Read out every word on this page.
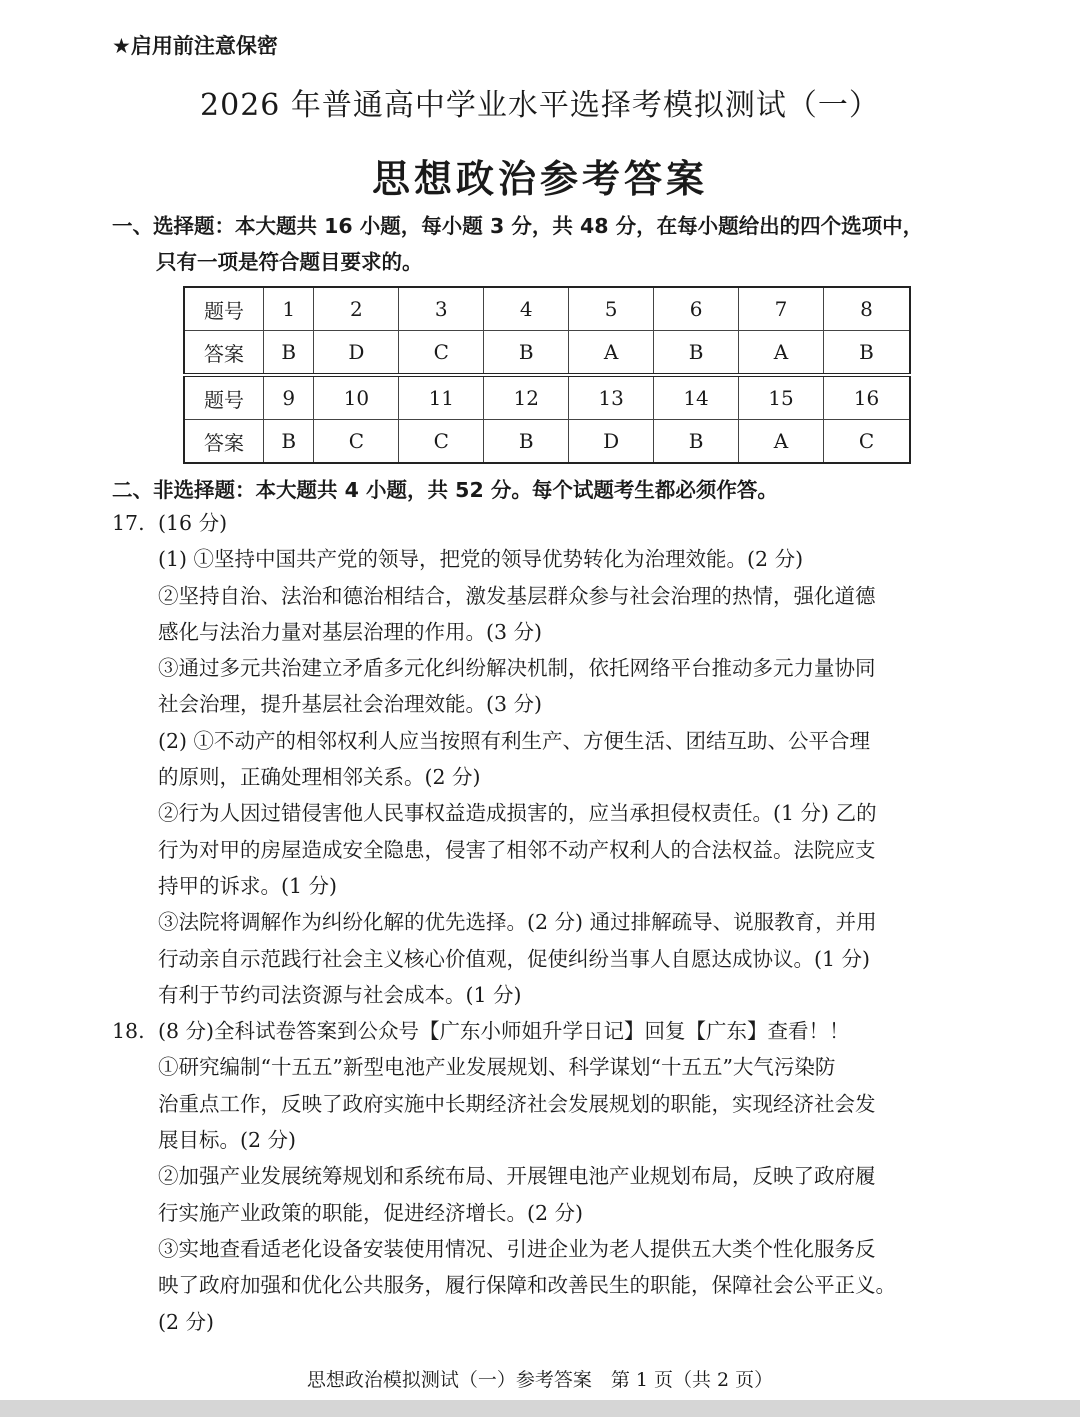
★启用前注意保密
2026 年普通高中学业水平选择考模拟测试（一）
思想政治参考答案
一、选择题：本大题共 16 小题，每小题 3 分，共 48 分，在每小题给出的四个选项中，
只有一项是符合题目要求的。
题号	1	2	3	4	5	6	7	8
答案	B	D	C	B	A	B	A	B
题号	9	10	11	12	13	14	15	16
答案	B	C	C	B	D	B	A	C
二、非选择题：本大题共 4 小题，共 52 分。每个试题考生都必须作答。
17. (16 分)
(1) ①坚持中国共产党的领导，把党的领导优势转化为治理效能。(2 分)
②坚持自治、法治和德治相结合，激发基层群众参与社会治理的热情，强化道德
感化与法治力量对基层治理的作用。(3 分)
③通过多元共治建立矛盾多元化纠纷解决机制，依托网络平台推动多元力量协同
社会治理，提升基层社会治理效能。(3 分)
(2) ①不动产的相邻权利人应当按照有利生产、方便生活、团结互助、公平合理
的原则，正确处理相邻关系。(2 分)
②行为人因过错侵害他人民事权益造成损害的，应当承担侵权责任。(1 分) 乙的
行为对甲的房屋造成安全隐患，侵害了相邻不动产权利人的合法权益。法院应支
持甲的诉求。(1 分)
③法院将调解作为纠纷化解的优先选择。(2 分) 通过排解疏导、说服教育，并用
行动亲自示范践行社会主义核心价值观，促使纠纷当事人自愿达成协议。(1 分)
有利于节约司法资源与社会成本。(1 分)
18. (8 分)全科试卷答案到公众号【广东小师姐升学日记】回复【广东】查看！！
①研究编制“十五五”新型电池产业发展规划、科学谋划“十五五”大气污染防
治重点工作，反映了政府实施中长期经济社会发展规划的职能，实现经济社会发
展目标。(2 分)
②加强产业发展统筹规划和系统布局、开展锂电池产业规划布局，反映了政府履
行实施产业政策的职能，促进经济增长。(2 分)
③实地查看适老化设备安装使用情况、引进企业为老人提供五大类个性化服务反
映了政府加强和优化公共服务，履行保障和改善民生的职能，保障社会公平正义。
(2 分)
思想政治模拟测试（一）参考答案　第 1 页（共 2 页）
